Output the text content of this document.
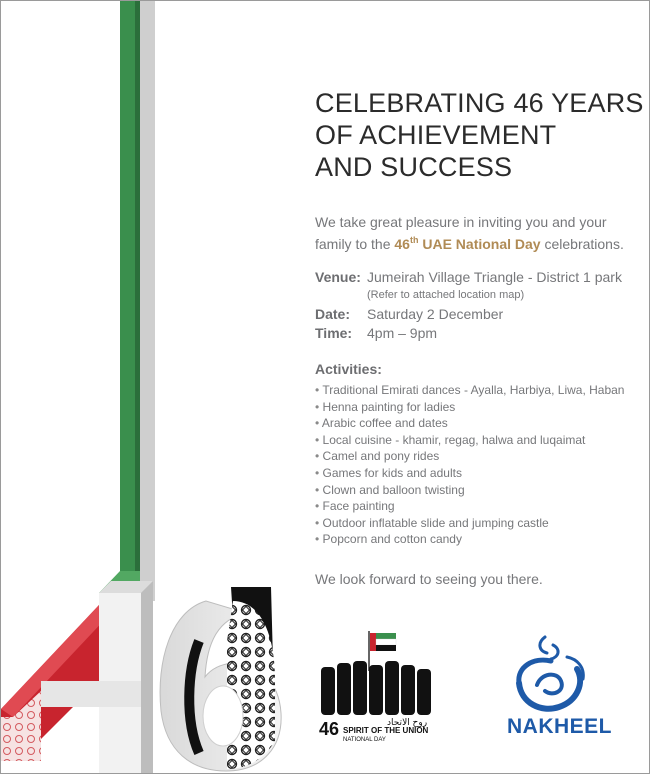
CELEBRATING 46 YEARS
OF ACHIEVEMENT
AND SUCCESS
We take great pleasure in inviting you and your
family to the 46th UAE National Day celebrations.
Venue: Jumeirah Village Triangle - District 1 park
(Refer to attached location map)
Date:	Saturday 2 December
Time:	4pm – 9pm
Activities:
• Traditional Emirati dances - Ayalla, Harbiya, Liwa, Haban
• Henna painting for ladies
• Arabic coffee and dates
• Local cuisine - khamir, regag, halwa and luqaimat
• Camel and pony rides
• Games for kids and adults
• Clown and balloon twisting
• Face painting
• Outdoor inflatable slide and jumping castle
• Popcorn and cotton candy
We look forward to seeing you there.
46	روح الاتحاد
SPIRIT OF THE UNION
NATIONAL DAY
NAKHEEL
